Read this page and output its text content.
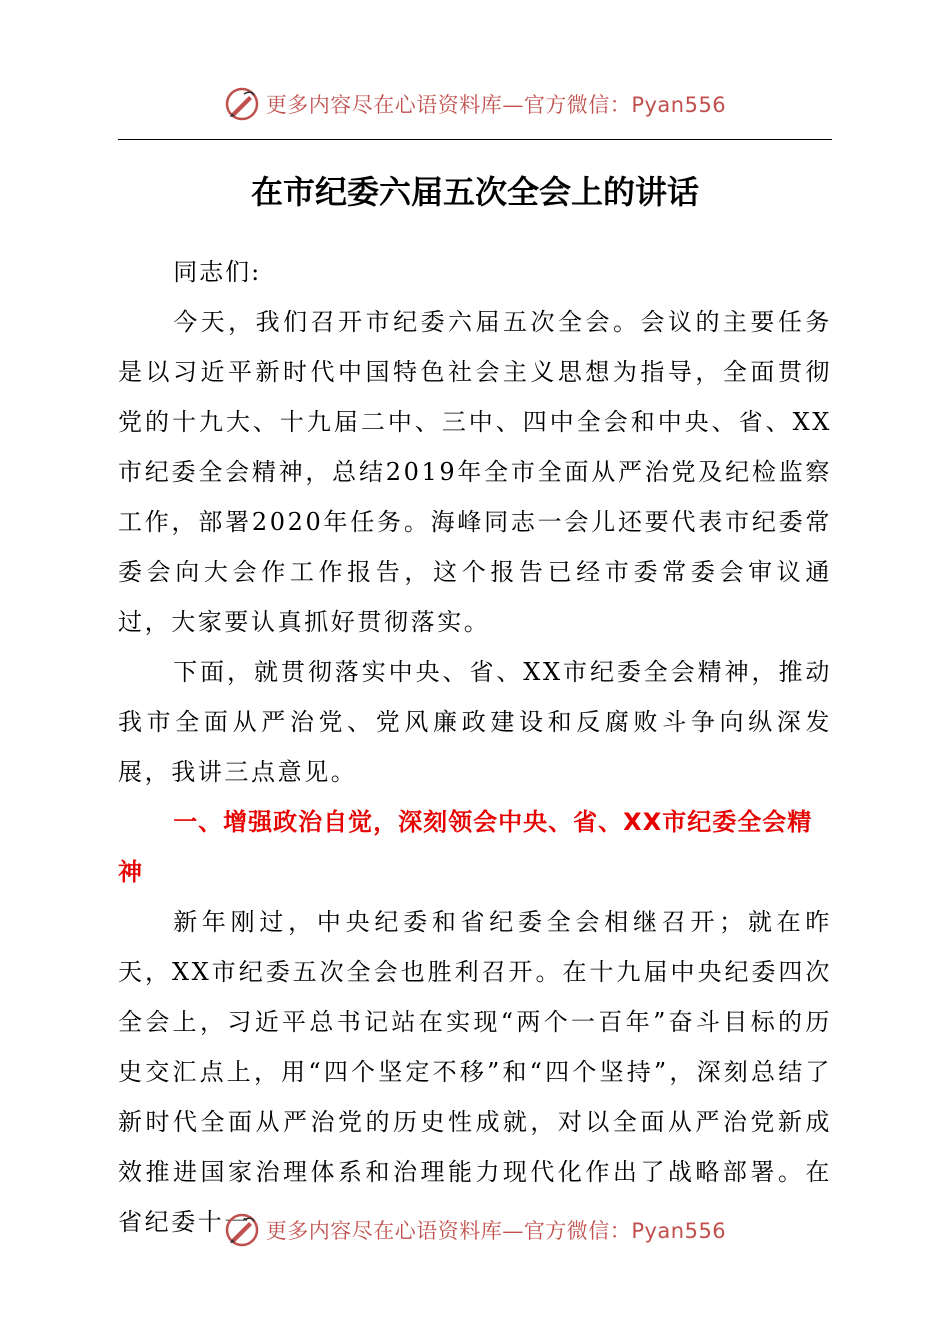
更多内容尽在心语资料库—官方微信：Pyan556
在市纪委六届五次全会上的讲话

同志们:

今天，我们召开市纪委六届五次全会。会议的主要任务是以习近平新时代中国特色社会主义思想为指导，全面贯彻党的十九大、十九届二中、三中、四中全会和中央、省、XX市纪委全会精神，总结2019年全市全面从严治党及纪检监察工作，部署2020年任务。海峰同志一会儿还要代表市纪委常委会向大会作工作报告，这个报告已经市委常委会审议通过，大家要认真抓好贯彻落实。

下面，就贯彻落实中央、省、XX市纪委全会精神，推动我市全面从严治党、党风廉政建设和反腐败斗争向纵深发展，我讲三点意见。

一、增强政治自觉，深刻领会中央、省、XX市纪委全会精神

新年刚过，中央纪委和省纪委全会相继召开；就在昨天，XX市纪委五次全会也胜利召开。在十九届中央纪委四次全会上，习近平总书记站在实现“两个一百年”奋斗目标的历史交汇点上，用“四个坚定不移”和“四个坚持”，深刻总结了新时代全面从严治党的历史性成就，对以全面从严治党新成效推进国家治理体系和治理能力现代化作出了战略部署。在省纪委十一 更多内容尽在心语资料库—官方微信：Pyan556
